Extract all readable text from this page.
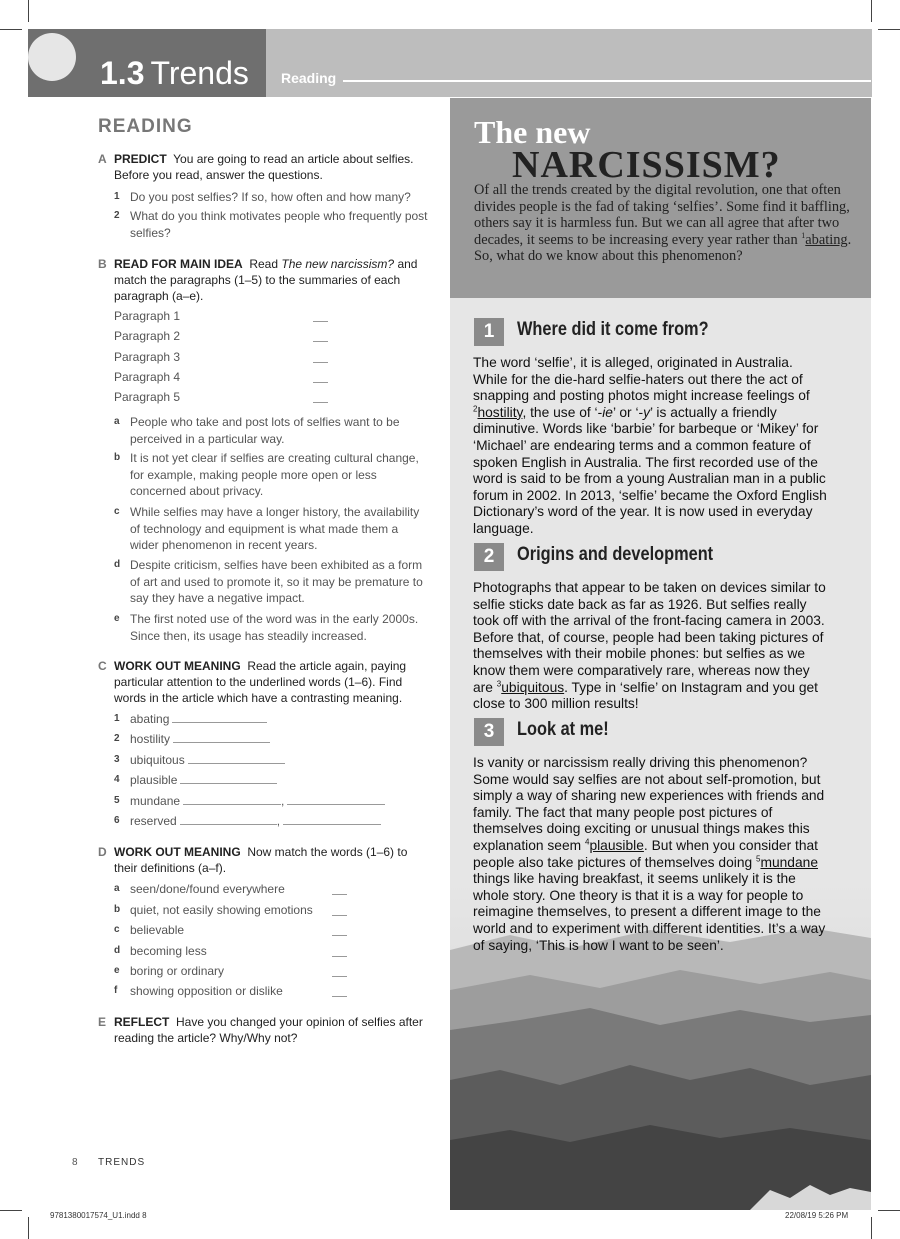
1.3 Trends Reading
READING
A PREDICT You are going to read an article about selfies. Before you read, answer the questions.
1 Do you post selfies? If so, how often and how many?
2 What do you think motivates people who frequently post selfies?
B READ FOR MAIN IDEA Read The new narcissism? and match the paragraphs (1–5) to the summaries of each paragraph (a–e).
Paragraph 1
Paragraph 2
Paragraph 3
Paragraph 4
Paragraph 5
a People who take and post lots of selfies want to be perceived in a particular way.
b It is not yet clear if selfies are creating cultural change, for example, making people more open or less concerned about privacy.
c While selfies may have a longer history, the availability of technology and equipment is what made them a wider phenomenon in recent years.
d Despite criticism, selfies have been exhibited as a form of art and used to promote it, so it may be premature to say they have a negative impact.
e The first noted use of the word was in the early 2000s. Since then, its usage has steadily increased.
C WORK OUT MEANING Read the article again, paying particular attention to the underlined words (1–6). Find words in the article which have a contrasting meaning.
1 abating
2 hostility
3 ubiquitous
4 plausible
5 mundane	,
6 reserved	,
D WORK OUT MEANING Now match the words (1–6) to their definitions (a–f).
a seen/done/found everywhere
b quiet, not easily showing emotions
c believable
d becoming less
e boring or ordinary
f showing opposition or dislike
E REFLECT Have you changed your opinion of selfies after reading the article? Why/Why not?
The new
NARCISSISM?
Of all the trends created by the digital revolution, one that often divides people is the fad of taking ‘selfies’. Some find it baffling, others say it is harmless fun. But we can all agree that after two decades, it seems to be increasing every year rather than $^1$abating. So, what do we know about this phenomenon?
1	Where did it come from?
The word ‘selfie’, it is alleged, originated in Australia. While for the die-hard selfie-haters out there the act of snapping and posting photos might increase feelings of $^2$hostility, the use of ‘-ie’ or ‘-y’ is actually a friendly diminutive. Words like ‘barbie’ for barbeque or ‘Mikey’ for ‘Michael’ are endearing terms and a common feature of spoken English in Australia. The first recorded use of the word is said to be from a young Australian man in a public forum in 2002. In 2013, ‘selfie’ became the Oxford English Dictionary’s word of the year. It is now used in everyday language.
2	Origins and development
Photographs that appear to be taken on devices similar to selfie sticks date back as far as 1926. But selfies really took off with the arrival of the front-facing camera in 2003. Before that, of course, people had been taking pictures of themselves with their mobile phones: but selfies as we know them were comparatively rare, whereas now they are $^3$ubiquitous. Type in ‘selfie’ on Instagram and you get close to 300 million results!
3	Look at me!
Is vanity or narcissism really driving this phenomenon? Some would say selfies are not about self-promotion, but simply a way of sharing new experiences with friends and family. The fact that many people post pictures of themselves doing exciting or unusual things makes this explanation seem $^4$plausible. But when you consider that people also take pictures of themselves doing $^5$mundane things like having breakfast, it seems unlikely it is the whole story. One theory is that it is a way for people to reimagine themselves, to present a different image to the world and to experiment with different identities. It’s a way of saying, ‘This is how I want to be seen’.
8 TRENDS
9781380017574_U1.indd 8	22/08/19 5:26 PM
